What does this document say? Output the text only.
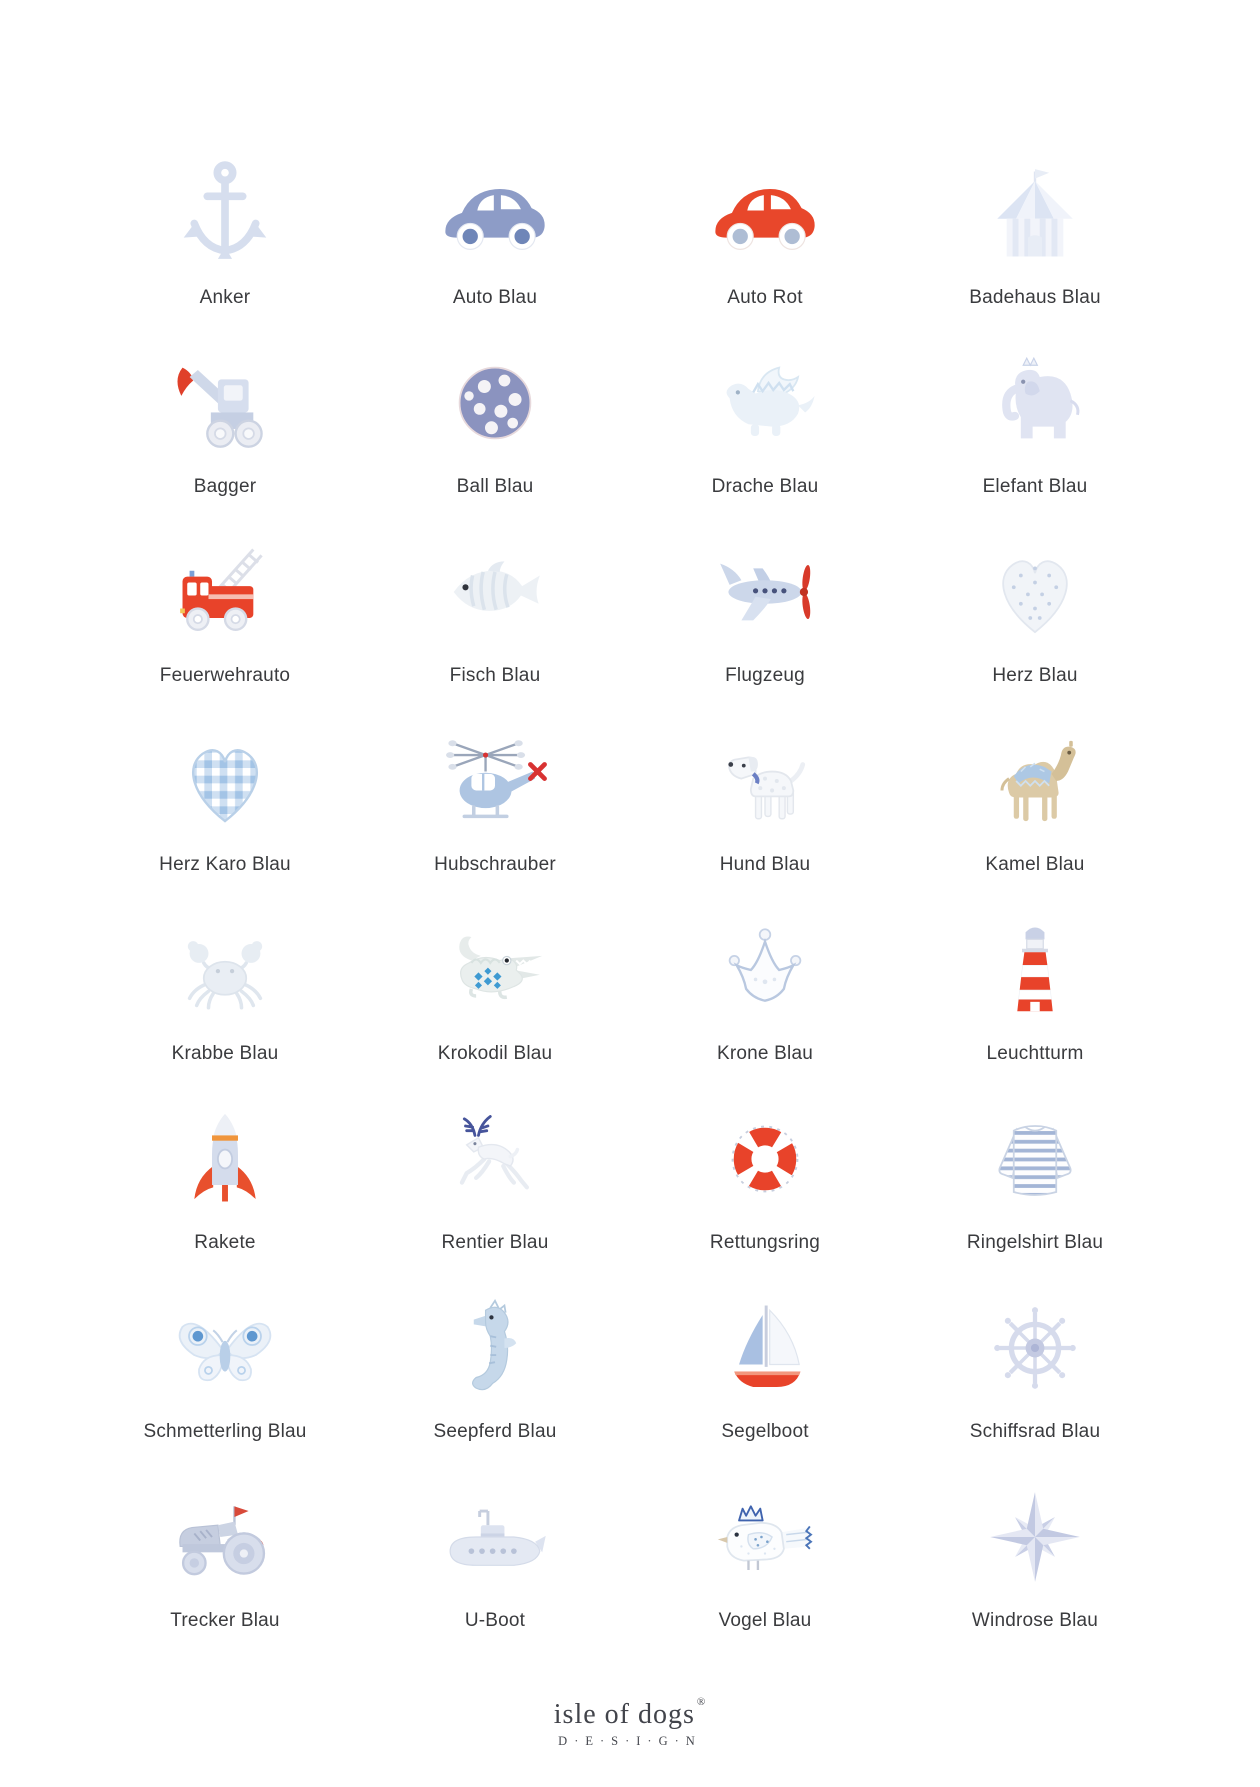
Anker	Auto Blau	Auto Rot	Badehaus Blau
Bagger	Ball Blau	Drache Blau	Elefant Blau
Feuerwehrauto	Fisch Blau	Flugzeug	Herz Blau
Herz Karo Blau	Hubschrauber	Hund Blau	Kamel Blau
Krabbe Blau	Krokodil Blau	Krone Blau	Leuchtturm
Rakete	Rentier Blau	Rettungsring	Ringelshirt Blau
Schmetterling Blau	Seepferd Blau	Segelboot	Schiffsrad Blau
Trecker Blau	U-Boot	Vogel Blau	Windrose Blau
isle of dogs ®
D·E·S·I·G·N
